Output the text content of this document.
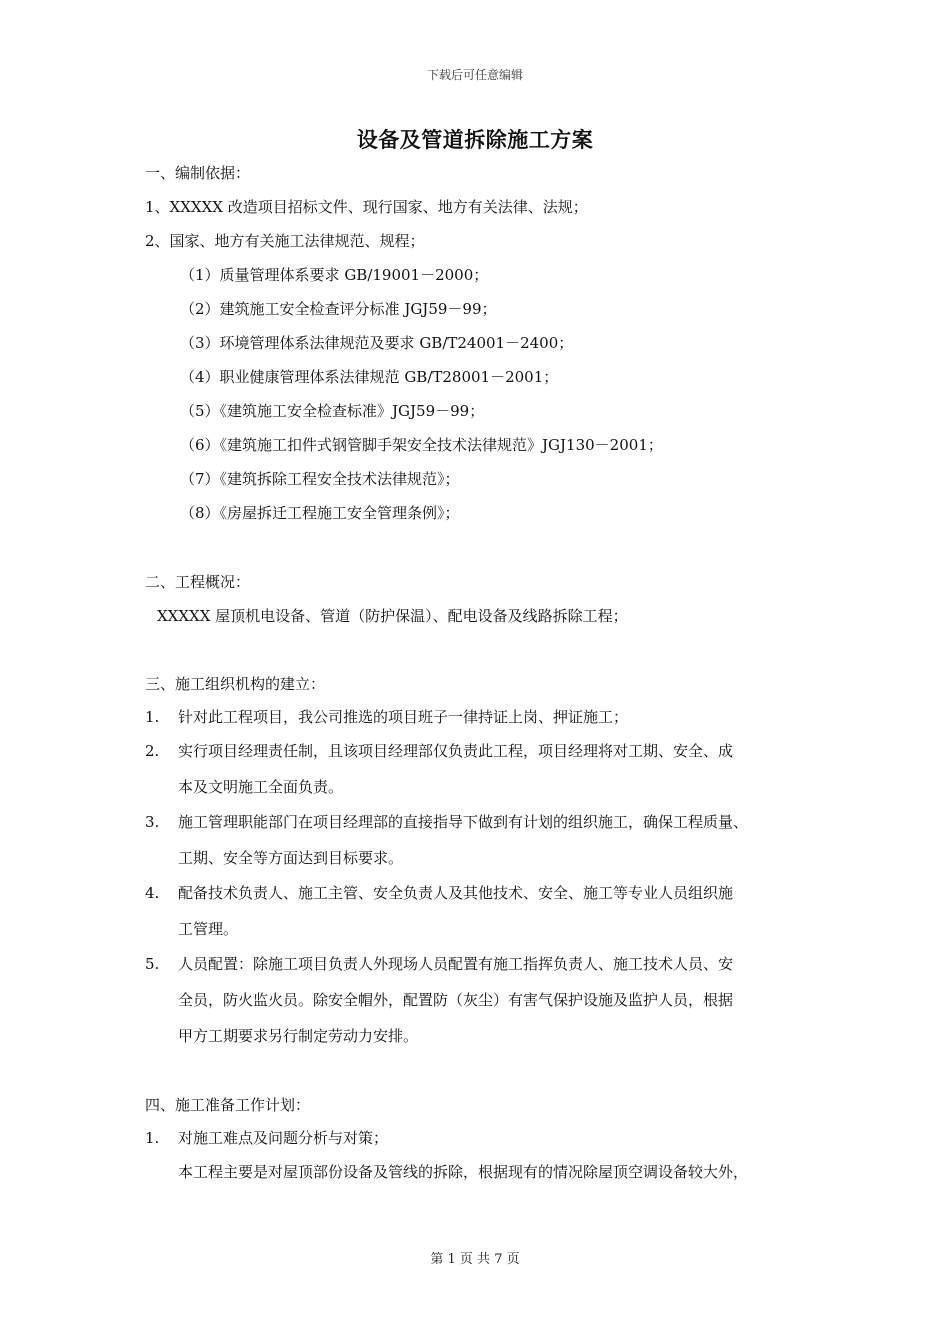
下载后可任意编辑
设备及管道拆除施工方案
一、编制依据：
1、XXXXX 改造项目招标文件、现行国家、地方有关法律、法规；
2、国家、地方有关施工法律规范、规程；
（1）质量管理体系要求 GB/19001－2000；
（2）建筑施工安全检查评分标准 JGJ59－99；
（3）环境管理体系法律规范及要求 GB/T24001－2400；
（4）职业健康管理体系法律规范 GB/T28001－2001；
（5）《建筑施工安全检查标准》JGJ59－99；
（6）《建筑施工扣件式钢管脚手架安全技术法律规范》JGJ130－2001；
（7）《建筑拆除工程安全技术法律规范》；
（8）《房屋拆迁工程施工安全管理条例》；
二、工程概况：
XXXXX 屋顶机电设备、管道（防护保温）、配电设备及线路拆除工程；
三、施工组织机构的建立：
1. 针对此工程项目，我公司推选的项目班子一律持证上岗、押证施工；
2. 实行项目经理责任制，且该项目经理部仅负责此工程，项目经理将对工期、安全、成
本及文明施工全面负责。
3. 施工管理职能部门在项目经理部的直接指导下做到有计划的组织施工，确保工程质量、
工期、安全等方面达到目标要求。
4. 配备技术负责人、施工主管、安全负责人及其他技术、安全、施工等专业人员组织施
工管理。
5. 人员配置：除施工项目负责人外现场人员配置有施工指挥负责人、施工技术人员、安
全员，防火监火员。除安全帽外，配置防（灰尘）有害气保护设施及监护人员，根据
甲方工期要求另行制定劳动力安排。
四、施工准备工作计划：
1. 对施工难点及问题分析与对策；
本工程主要是对屋顶部份设备及管线的拆除，根据现有的情况除屋顶空调设备较大外，
第 1 页 共 7 页
